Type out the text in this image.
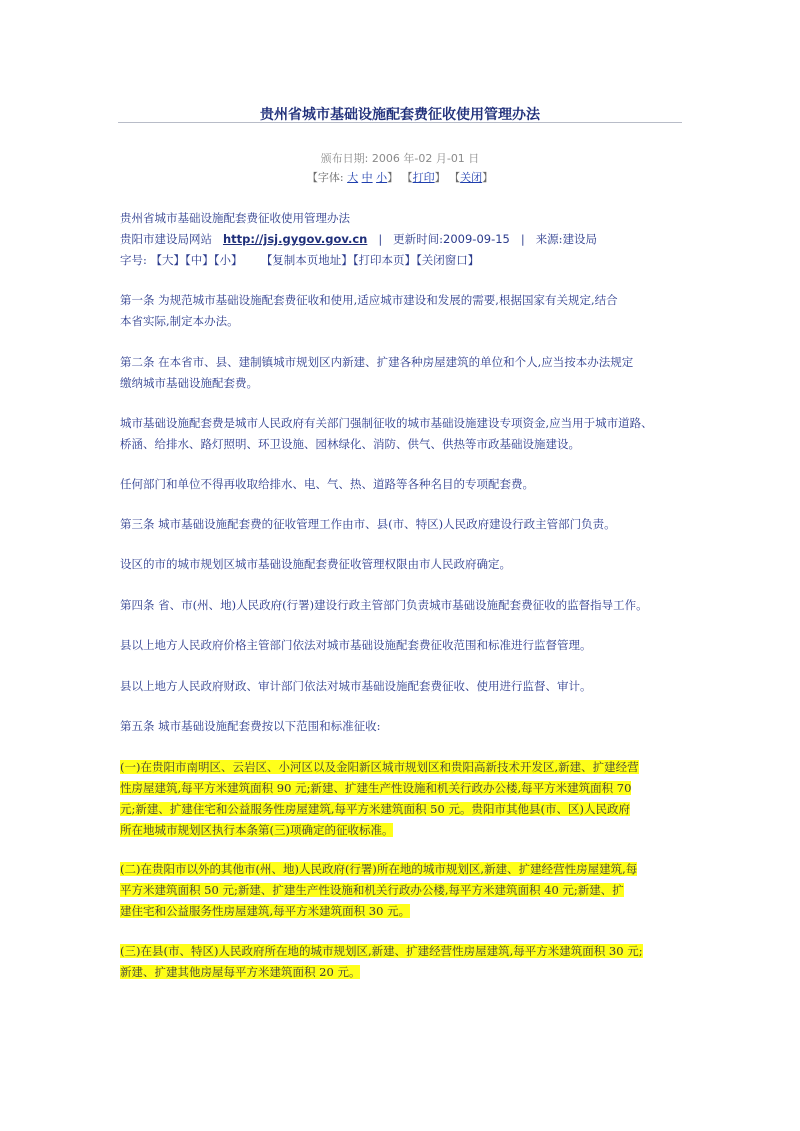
贵州省城市基础设施配套费征收使用管理办法
颁布日期: 2006 年-02 月-01 日
【字体: 大 中 小】 【打印】 【关闭】
贵州省城市基础设施配套费征收使用管理办法
贵阳市建设局网站 http://jsj.gygov.gov.cn | 更新时间:2009-09-15 | 来源:建设局
字号: 【大】【中】【小】 【复制本页地址】【打印本页】【关闭窗口】
第一条 为规范城市基础设施配套费征收和使用,适应城市建设和发展的需要,根据国家有关规定,结合
本省实际,制定本办法。
第二条 在本省市、县、建制镇城市规划区内新建、扩建各种房屋建筑的单位和个人,应当按本办法规定
缴纳城市基础设施配套费。
城市基础设施配套费是城市人民政府有关部门强制征收的城市基础设施建设专项资金,应当用于城市道路、
桥涵、给排水、路灯照明、环卫设施、园林绿化、消防、供气、供热等市政基础设施建设。
任何部门和单位不得再收取给排水、电、气、热、道路等各种名目的专项配套费。
第三条 城市基础设施配套费的征收管理工作由市、县(市、特区)人民政府建设行政主管部门负责。
设区的市的城市规划区城市基础设施配套费征收管理权限由市人民政府确定。
第四条 省、市(州、地)人民政府(行署)建设行政主管部门负责城市基础设施配套费征收的监督指导工作。
县以上地方人民政府价格主管部门依法对城市基础设施配套费征收范围和标准进行监督管理。
县以上地方人民政府财政、审计部门依法对城市基础设施配套费征收、使用进行监督、审计。
第五条 城市基础设施配套费按以下范围和标准征收:
(一)在贵阳市南明区、云岩区、小河区以及金阳新区城市规划区和贵阳高新技术开发区,新建、扩建经营
性房屋建筑,每平方米建筑面积 90 元;新建、扩建生产性设施和机关行政办公楼,每平方米建筑面积 70
元;新建、扩建住宅和公益服务性房屋建筑,每平方米建筑面积 50 元。贵阳市其他县(市、区)人民政府
所在地城市规划区执行本条第(三)项确定的征收标准。
(二)在贵阳市以外的其他市(州、地)人民政府(行署)所在地的城市规划区,新建、扩建经营性房屋建筑,每
平方米建筑面积 50 元;新建、扩建生产性设施和机关行政办公楼,每平方米建筑面积 40 元;新建、扩
建住宅和公益服务性房屋建筑,每平方米建筑面积 30 元。
(三)在县(市、特区)人民政府所在地的城市规划区,新建、扩建经营性房屋建筑,每平方米建筑面积 30 元;
新建、扩建其他房屋每平方米建筑面积 20 元。
